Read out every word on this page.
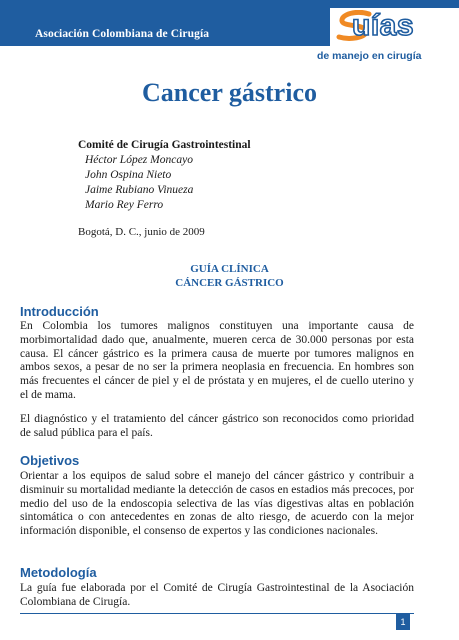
Asociación Colombiana de Cirugía	uías
de manejo en cirugía
Cancer gástrico
Comité de Cirugía Gastrointestinal
Héctor López Moncayo
John Ospina Nieto
Jaime Rubiano Vinueza
Mario Rey Ferro
Bogotá, D. C., junio de 2009
GUÍA CLÍNICA
CÁNCER GÁSTRICO
Introducción
En Colombia los tumores malignos constituyen una importante causa de morbimortalidad dado que, anualmente, mueren cerca de 30.000 personas por esta causa. El cáncer gástrico es la primera causa de muerte por tumores malignos en ambos sexos, a pesar de no ser la primera neoplasia en frecuencia. En hombres son más frecuentes el cáncer de piel y el de próstata y en mujeres, el de cuello uterino y el de mama.
El diagnóstico y el tratamiento del cáncer gástrico son reconocidos como prioridad de salud pública para el país.
Objetivos
Orientar a los equipos de salud sobre el manejo del cáncer gástrico y contribuir a disminuir su mortalidad mediante la detección de casos en estadios más precoces, por medio del uso de la endoscopia selectiva de las vías digestivas altas en población sintomática o con antecedentes en zonas de alto riesgo, de acuerdo con la mejor información disponible, el consenso de expertos y las condiciones nacionales.
Metodología
La guía fue elaborada por el Comité de Cirugía Gastrointestinal de la Asociación Colombiana de Cirugía.
1
